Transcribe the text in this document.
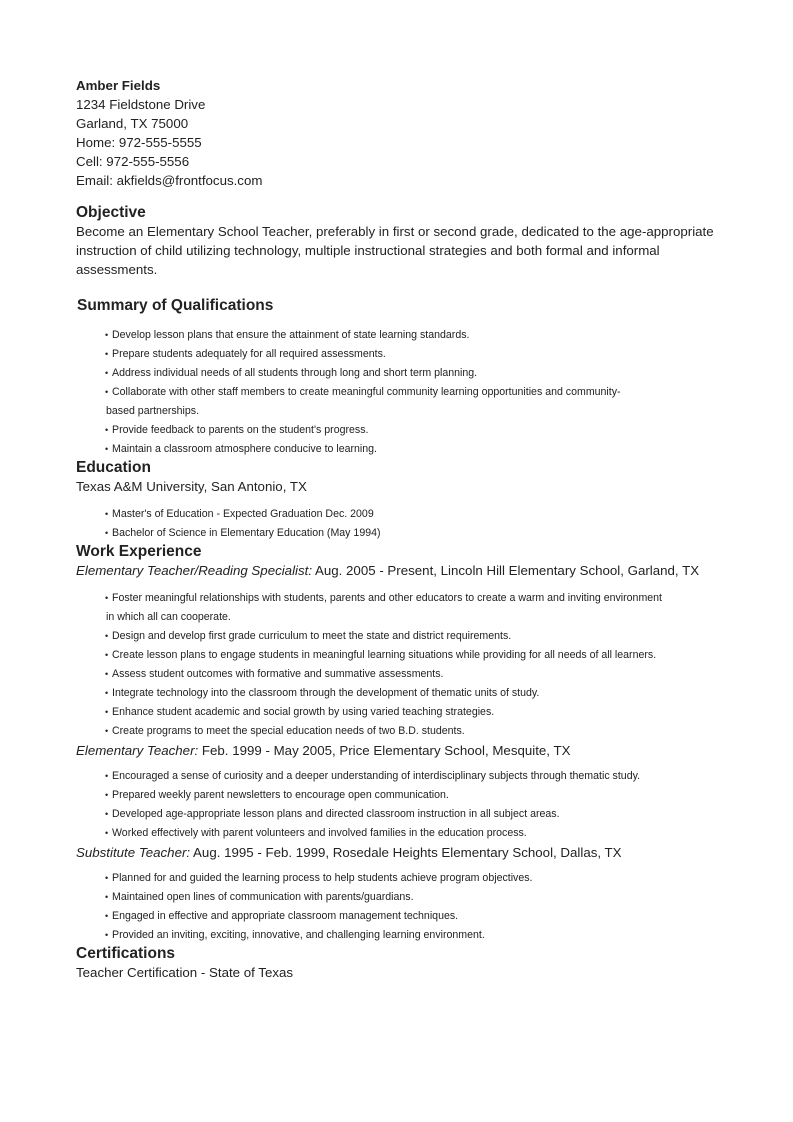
Amber Fields
1234 Fieldstone Drive
Garland, TX 75000
Home: 972-555-5555
Cell: 972-555-5556
Email: akfields@frontfocus.com
Objective
Become an Elementary School Teacher, preferably in first or second grade, dedicated to the age-appropriate instruction of child utilizing technology, multiple instructional strategies and both formal and informal assessments.
Summary of Qualifications
• Develop lesson plans that ensure the attainment of state learning standards.
• Prepare students adequately for all required assessments.
• Address individual needs of all students through long and short term planning.
• Collaborate with other staff members to create meaningful community learning opportunities and community-based partnerships.
• Provide feedback to parents on the student's progress.
• Maintain a classroom atmosphere conducive to learning.
Education
Texas A&M University, San Antonio, TX
• Master's of Education - Expected Graduation Dec. 2009
• Bachelor of Science in Elementary Education (May 1994)
Work Experience
Elementary Teacher/Reading Specialist: Aug. 2005 - Present, Lincoln Hill Elementary School, Garland, TX
• Foster meaningful relationships with students, parents and other educators to create a warm and inviting environment in which all can cooperate.
• Design and develop first grade curriculum to meet the state and district requirements.
• Create lesson plans to engage students in meaningful learning situations while providing for all needs of all learners.
• Assess student outcomes with formative and summative assessments.
• Integrate technology into the classroom through the development of thematic units of study.
• Enhance student academic and social growth by using varied teaching strategies.
• Create programs to meet the special education needs of two B.D. students.
Elementary Teacher: Feb. 1999 - May 2005, Price Elementary School, Mesquite, TX
• Encouraged a sense of curiosity and a deeper understanding of interdisciplinary subjects through thematic study.
• Prepared weekly parent newsletters to encourage open communication.
• Developed age-appropriate lesson plans and directed classroom instruction in all subject areas.
• Worked effectively with parent volunteers and involved families in the education process.
Substitute Teacher: Aug. 1995 - Feb. 1999, Rosedale Heights Elementary School, Dallas, TX
• Planned for and guided the learning process to help students achieve program objectives.
• Maintained open lines of communication with parents/guardians.
• Engaged in effective and appropriate classroom management techniques.
• Provided an inviting, exciting, innovative, and challenging learning environment.
Certifications
Teacher Certification - State of Texas
